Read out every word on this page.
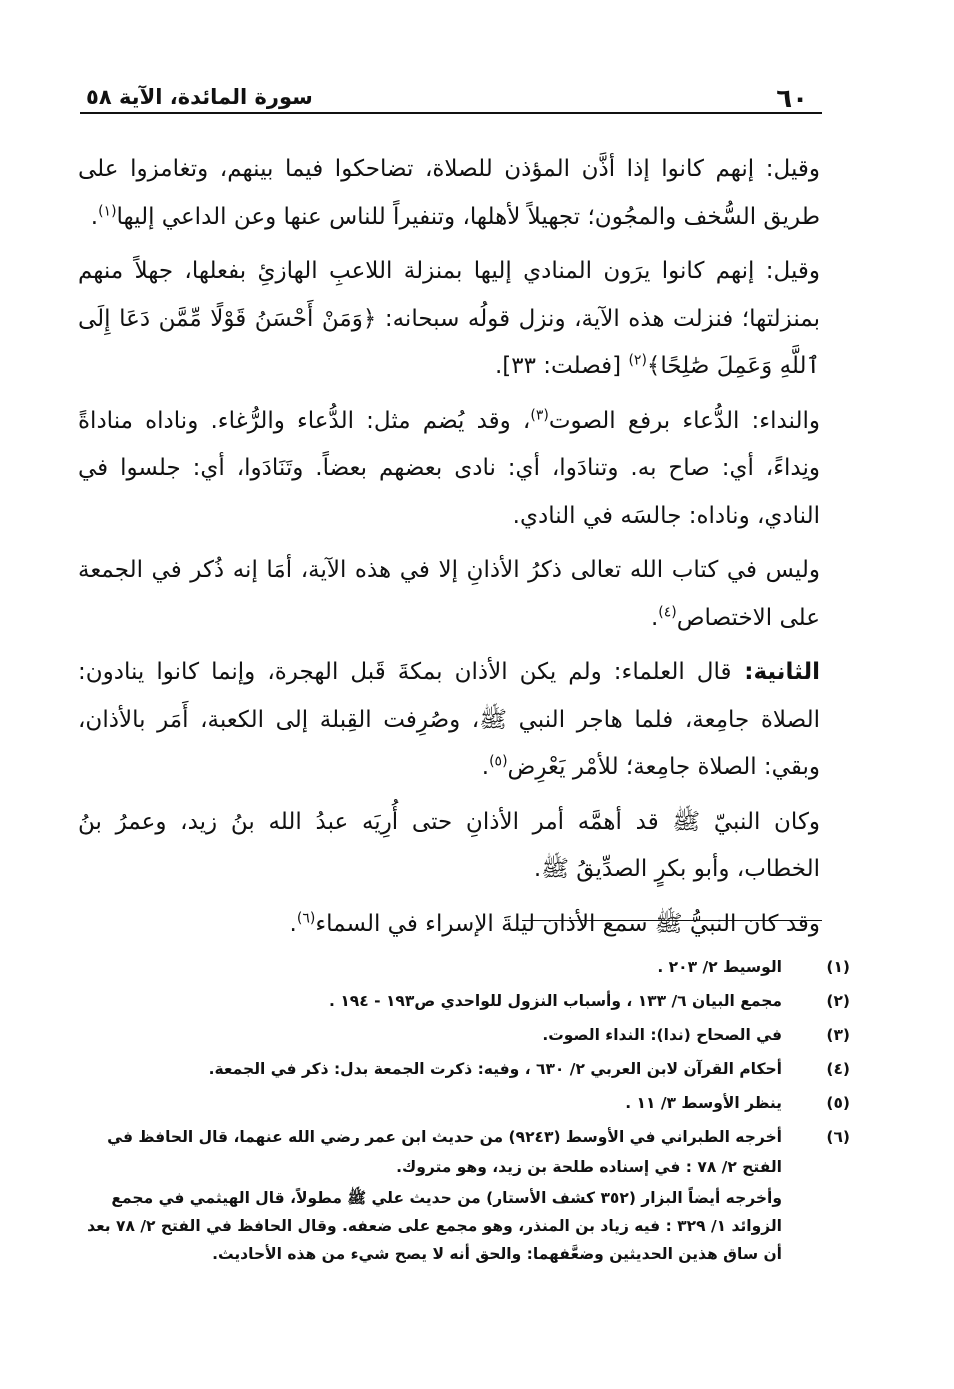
٦٠
سورة المائدة، الآية ٥٨

وقيل: إنهم كانوا إذا أذَّن المؤذن للصلاة، تضاحكوا فيما بينهم، وتغامزوا على طريق السُّخف والمجُون؛ تجهيلاً لأهلها، وتنفيراً للناس عنها وعن الداعي إليها$^{(١)}$.

وقيل: إنهم كانوا يرَون المنادي إليها بمنزلة اللاعبِ الهازئِ بفعلها، جهلاً منهم بمنزلتها؛ فنزلت هذه الآية، ونزل قولُه سبحانه: ﴿وَمَنْ أَحْسَنُ قَوْلًا مِّمَّن دَعَا إِلَى ٱللَّهِ وَعَمِلَ صَٰلِحًا﴾$^{(٢)}$ [فصلت: ٣٣].

والنداء: الدُّعاء برفع الصوت$^{(٣)}$، وقد يُضم مثل: الدُّعاء والرُّغاء. وناداه مناداةً ونِداءً، أي: صاح به. وتنادَوا، أي: نادى بعضهم بعضاً. وتَنَادَوا، أي: جلسوا في النادي، وناداه: جالسَه في النادي.

وليس في كتاب الله تعالى ذكرُ الأذانِ إلا في هذه الآية، أمَا إنه ذُكر في الجمعة على الاختصاص$^{(٤)}$.

الثانية: قال العلماء: ولم يكن الأذان بمكةَ قَبل الهجرة، وإنما كانوا ينادون: الصلاة جامِعة، فلما هاجر النبي ﷺ، وصُرِفت القِبلة إلى الكعبة، أَمَر بالأذان، وبقي: الصلاة جامِعة؛ للأمْر يَعْرِض$^{(٥)}$.

وكان النبيّ ﷺ قد أهمَّه أمر الأذانِ حتى أُرِيَه عبدُ الله بنُ زيد، وعمرُ بنُ الخطاب، وأبو بكرٍ الصدِّيقُ ﷺ.

وقد كان النبيُّ ﷺ سمع الأذان ليلةَ الإسراء في السماء$^{(٦)}$.

(١)الوسيط ٢/ ٢٠٣ .

(٢)مجمع البيان ٦/ ١٣٣ ، وأسباب النزول للواحدي ص١٩٣ - ١٩٤ .

(٣)في الصحاح (ندا): النداء الصوت.

(٤)أحكام القرآن لابن العربي ٢/ ٦٣٠ ، وفيه: ذكرت الجمعة بدل: ذكر في الجمعة.

(٥)ينظر الأوسط ٣/ ١١ .

(٦)أخرجه الطبراني في الأوسط (٩٢٤٣) من حديث ابن عمر رضي الله عنهما، قال الحافظ في الفتح ٢/ ٧٨ : في إسناده طلحة بن زيد، وهو متروك.

وأخرجه أيضاً البزار (٣٥٢ كشف الأستار) من حديث علي ﷺ مطولاً، قال الهيثمي في مجمع الزوائد ١/ ٣٢٩ : فيه زياد بن المنذر، وهو مجمع على ضعفه. وقال الحافظ في الفتح ٢/ ٧٨ بعد أن ساق هذين الحديثين وضعَّفهما: والحق أنه لا يصح شيء من هذه الأحاديث.
